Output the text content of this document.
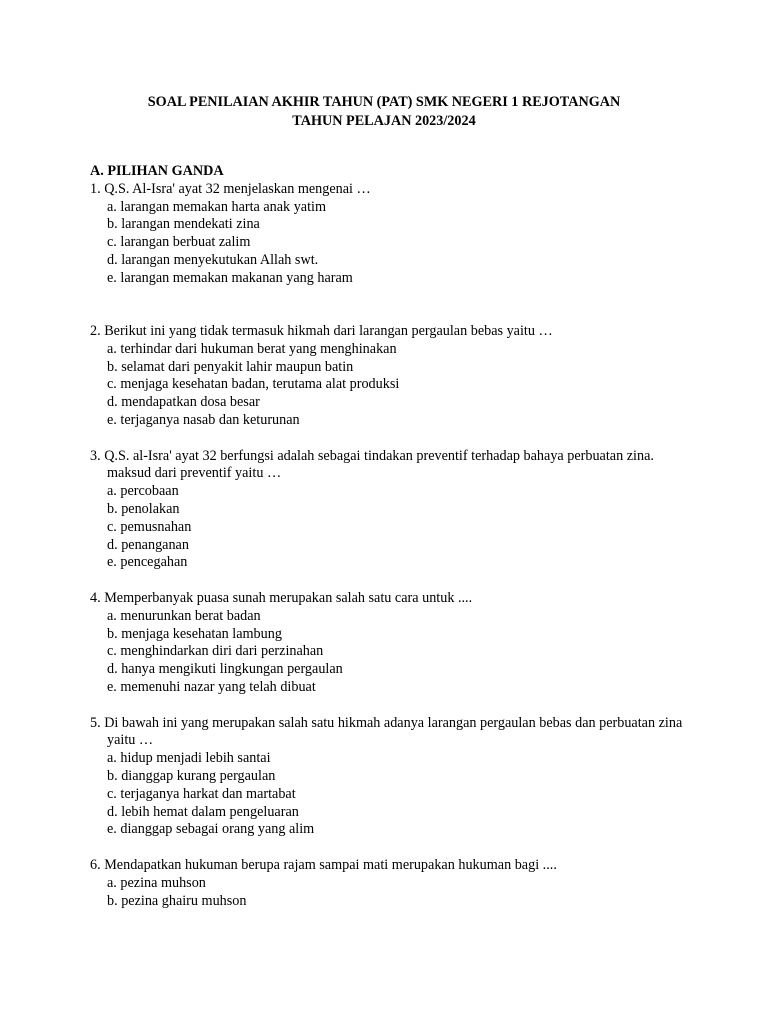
SOAL PENILAIAN AKHIR TAHUN (PAT) SMK NEGERI 1 REJOTANGAN
TAHUN PELAJAN 2023/2024
A. PILIHAN GANDA
1. Q.S. Al-Isra' ayat 32 menjelaskan mengenai …
a. larangan memakan harta anak yatim
b. larangan mendekati zina
c. larangan berbuat zalim
d. larangan menyekutukan Allah swt.
e. larangan memakan makanan yang haram
2. Berikut ini yang tidak termasuk hikmah dari larangan pergaulan bebas yaitu …
a. terhindar dari hukuman berat yang menghinakan
b. selamat dari penyakit lahir maupun batin
c. menjaga kesehatan badan, terutama alat produksi
d. mendapatkan dosa besar
e. terjaganya nasab dan keturunan
3. Q.S. al-Isra' ayat 32 berfungsi adalah sebagai tindakan preventif terhadap bahaya perbuatan zina. maksud dari preventif yaitu …
a. percobaan
b. penolakan
c. pemusnahan
d. penanganan
e. pencegahan
4. Memperbanyak puasa sunah merupakan salah satu cara untuk ....
a. menurunkan berat badan
b. menjaga kesehatan lambung
c. menghindarkan diri dari perzinahan
d. hanya mengikuti lingkungan pergaulan
e. memenuhi nazar yang telah dibuat
5. Di bawah ini yang merupakan salah satu hikmah adanya larangan pergaulan bebas dan perbuatan zina yaitu …
a. hidup menjadi lebih santai
b. dianggap kurang pergaulan
c. terjaganya harkat dan martabat
d. lebih hemat dalam pengeluaran
e. dianggap sebagai orang yang alim
6. Mendapatkan hukuman berupa rajam sampai mati merupakan hukuman bagi ....
a. pezina muhson
b. pezina ghairu muhson
